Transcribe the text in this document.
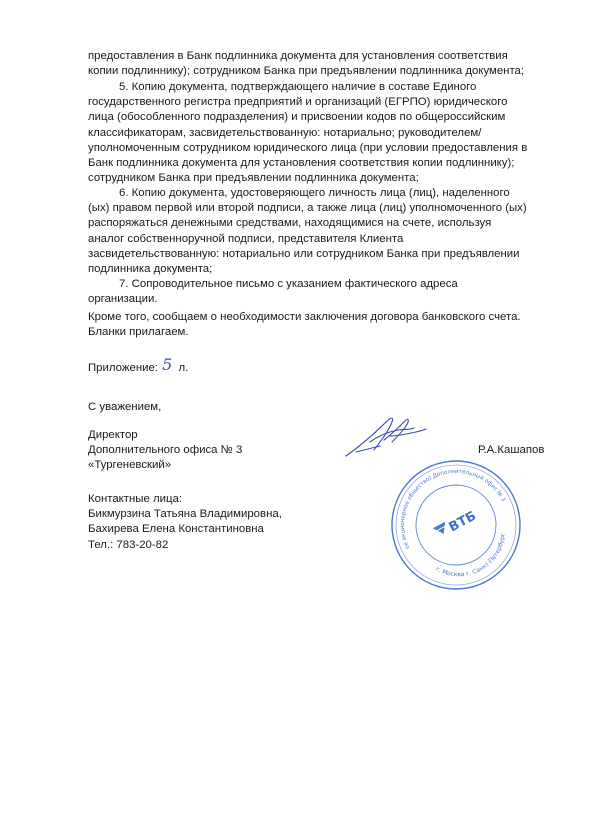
предоставления в Банк подлинника документа для установления соответствия
копии подлиннику); сотрудником Банка при предъявлении подлинника документа;
5. Копию документа, подтверждающего наличие в составе Единого
государственного регистра предприятий и организаций (ЕГРПО) юридического
лица (обособленного подразделения) и присвоении кодов по общероссийским
классификаторам, засвидетельствованную: нотариально; руководителем/
уполномоченным сотрудником юридического лица (при условии предоставления в
Банк подлинника документа для установления соответствия копии подлиннику);
сотрудником Банка при предъявлении подлинника документа;
6. Копию документа, удостоверяющего личность лица (лиц), наделенного
(ых) правом первой или второй подписи, а также лица (лиц) уполномоченного (ых)
распоряжаться денежными средствами, находящимися на счете, используя
аналог собственноручной подписи, представителя Клиента
засвидетельствованную: нотариально или сотрудником Банка при предъявлении
подлинника документа;
7. Сопроводительное письмо с указанием фактического адреса
организации.
Кроме того, сообщаем о необходимости заключения договора банковского счета.
Бланки прилагаем.
Приложение: 5 л.
С уважением,
Директор
Дополнительного офиса № 3
«Тургеневский»
Р.А.Кашапов
Контактные лица:
Бикмурзина Татьяна Владимировна,
Бахирева Елена Константиновна
Тел.: 783-20-82
(открытое акционерное общество) Дополнительный офис № 3
г. Москва г. Санкт-Петербург
ВТБ
